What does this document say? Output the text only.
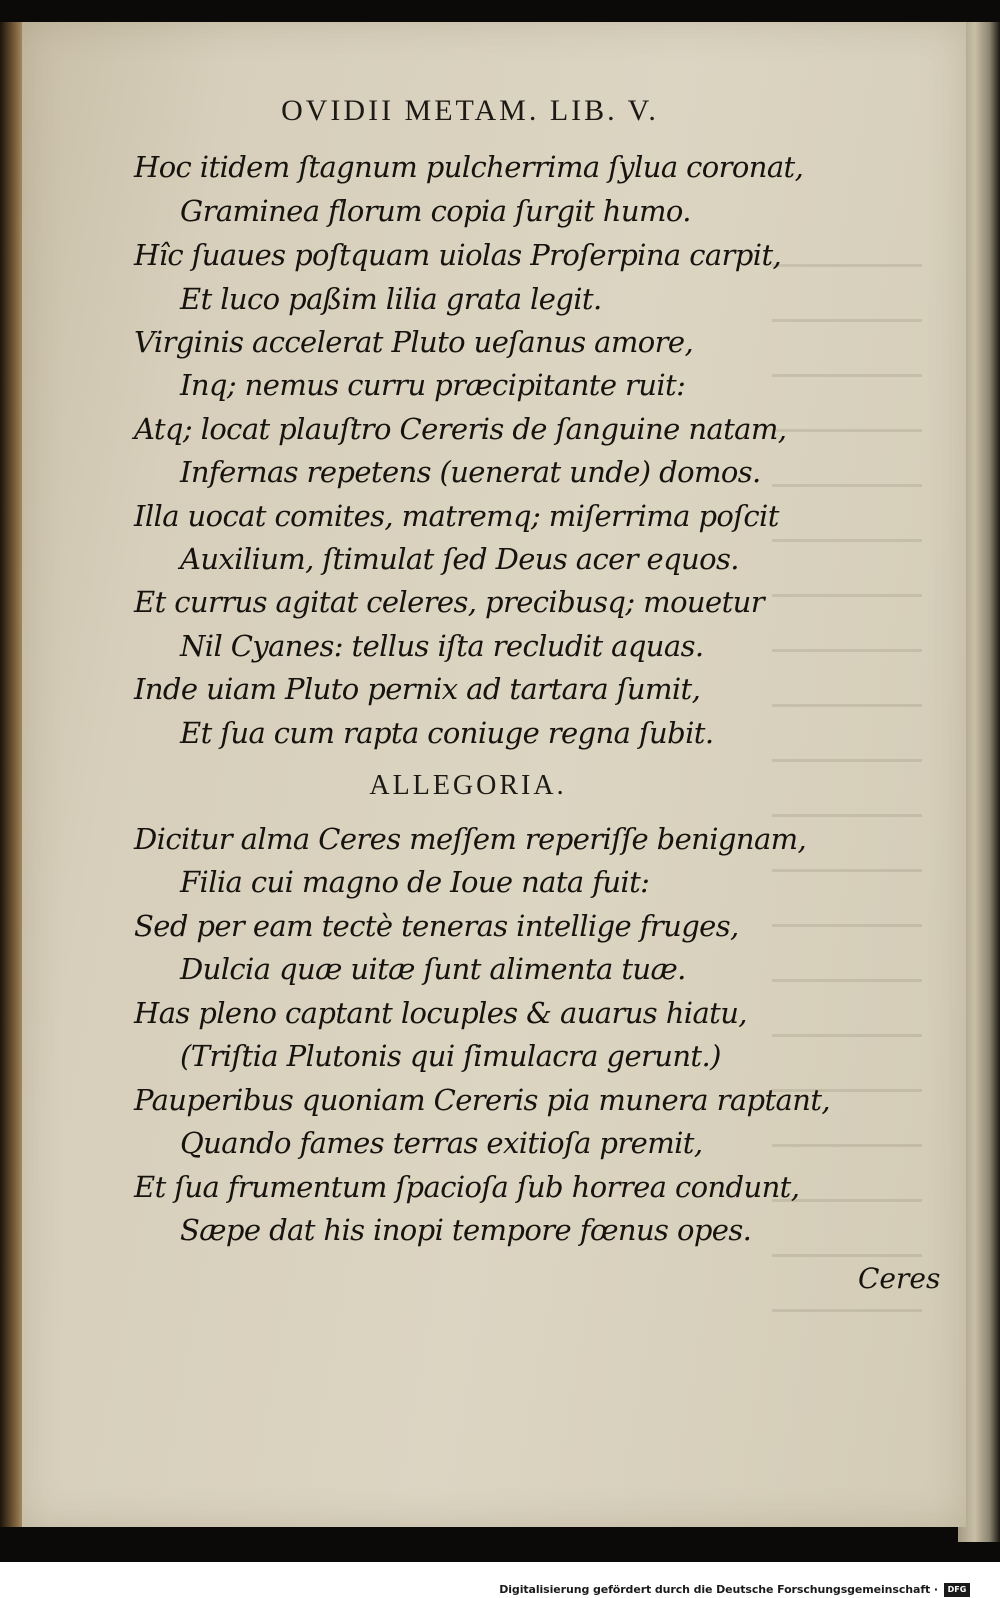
OVIDII METAM. LIB. V.

Hoc itidem ſtagnum pulcherrima ſylua coronat,

Graminea florum copia ſurgit humo.

Hîc ſuaues poſtquam uiolas Proſerpina carpit,

Et luco paßim lilia grata legit.

Virginis accelerat Pluto ueſanus amore,

Inq; nemus curru præcipitante ruit:

Atq; locat plauſtro Cereris de ſanguine natam,

Infernas repetens (uenerat unde) domos.

Illa uocat comites, matremq; miſerrima poſcit

Auxilium, ſtimulat ſed Deus acer equos.

Et currus agitat celeres, precibusq; mouetur

Nil Cyanes: tellus iſta recludit aquas.

Inde uiam Pluto pernix ad tartara ſumit,

Et ſua cum rapta coniuge regna ſubit.

ALLEGORIA.

Dicitur alma Ceres meſſem reperiſſe benignam,

Filia cui magno de Ioue nata fuit:

Sed per eam tectè teneras intellige fruges,

Dulcia quæ uitæ ſunt alimenta tuæ.

Has pleno captant locuples & auarus hiatu,

(Triſtia Plutonis qui ſimulacra gerunt.)

Pauperibus quoniam Cereris pia munera raptant,

Quando fames terras exitioſa premit,

Et ſua frumentum ſpacioſa ſub horrea condunt,

Sæpe dat his inopi tempore fœnus opes.

Ceres
Digitalisierung gefördert durch die Deutsche Forschungsgemeinschaft ·	DFG
